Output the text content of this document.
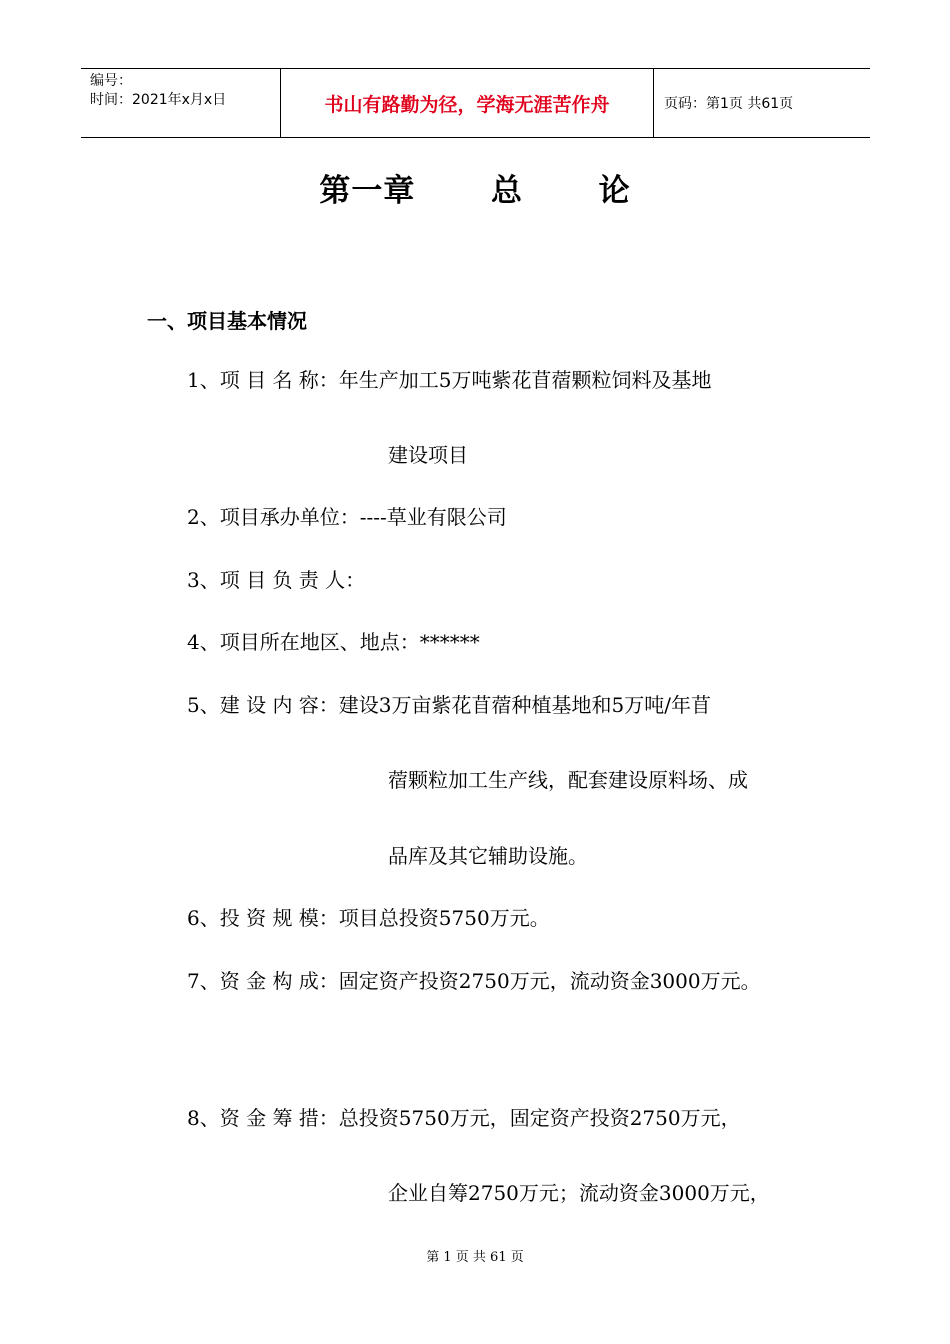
编号：
时间：2021年x月x日	书山有路勤为径，学海无涯苦作舟	页码：第1页 共61页
第一章  总  论
一、项目基本情况
1、项 目 名 称：年生产加工5万吨紫花苜蓿颗粒饲料及基地
建设项目
2、项目承办单位：----草业有限公司
3、项 目 负 责 人：
4、项目所在地区、地点：******
5、建 设 内 容：建设3万亩紫花苜蓿种植基地和5万吨/年苜
蓿颗粒加工生产线，配套建设原料场、成
品库及其它辅助设施。
6、投 资 规 模：项目总投资5750万元。
7、资 金 构 成：固定资产投资2750万元，流动资金3000万元。
8、资 金 筹 措：总投资5750万元，固定资产投资2750万元，
企业自筹2750万元；流动资金3000万元，
第 1 页 共 61 页
